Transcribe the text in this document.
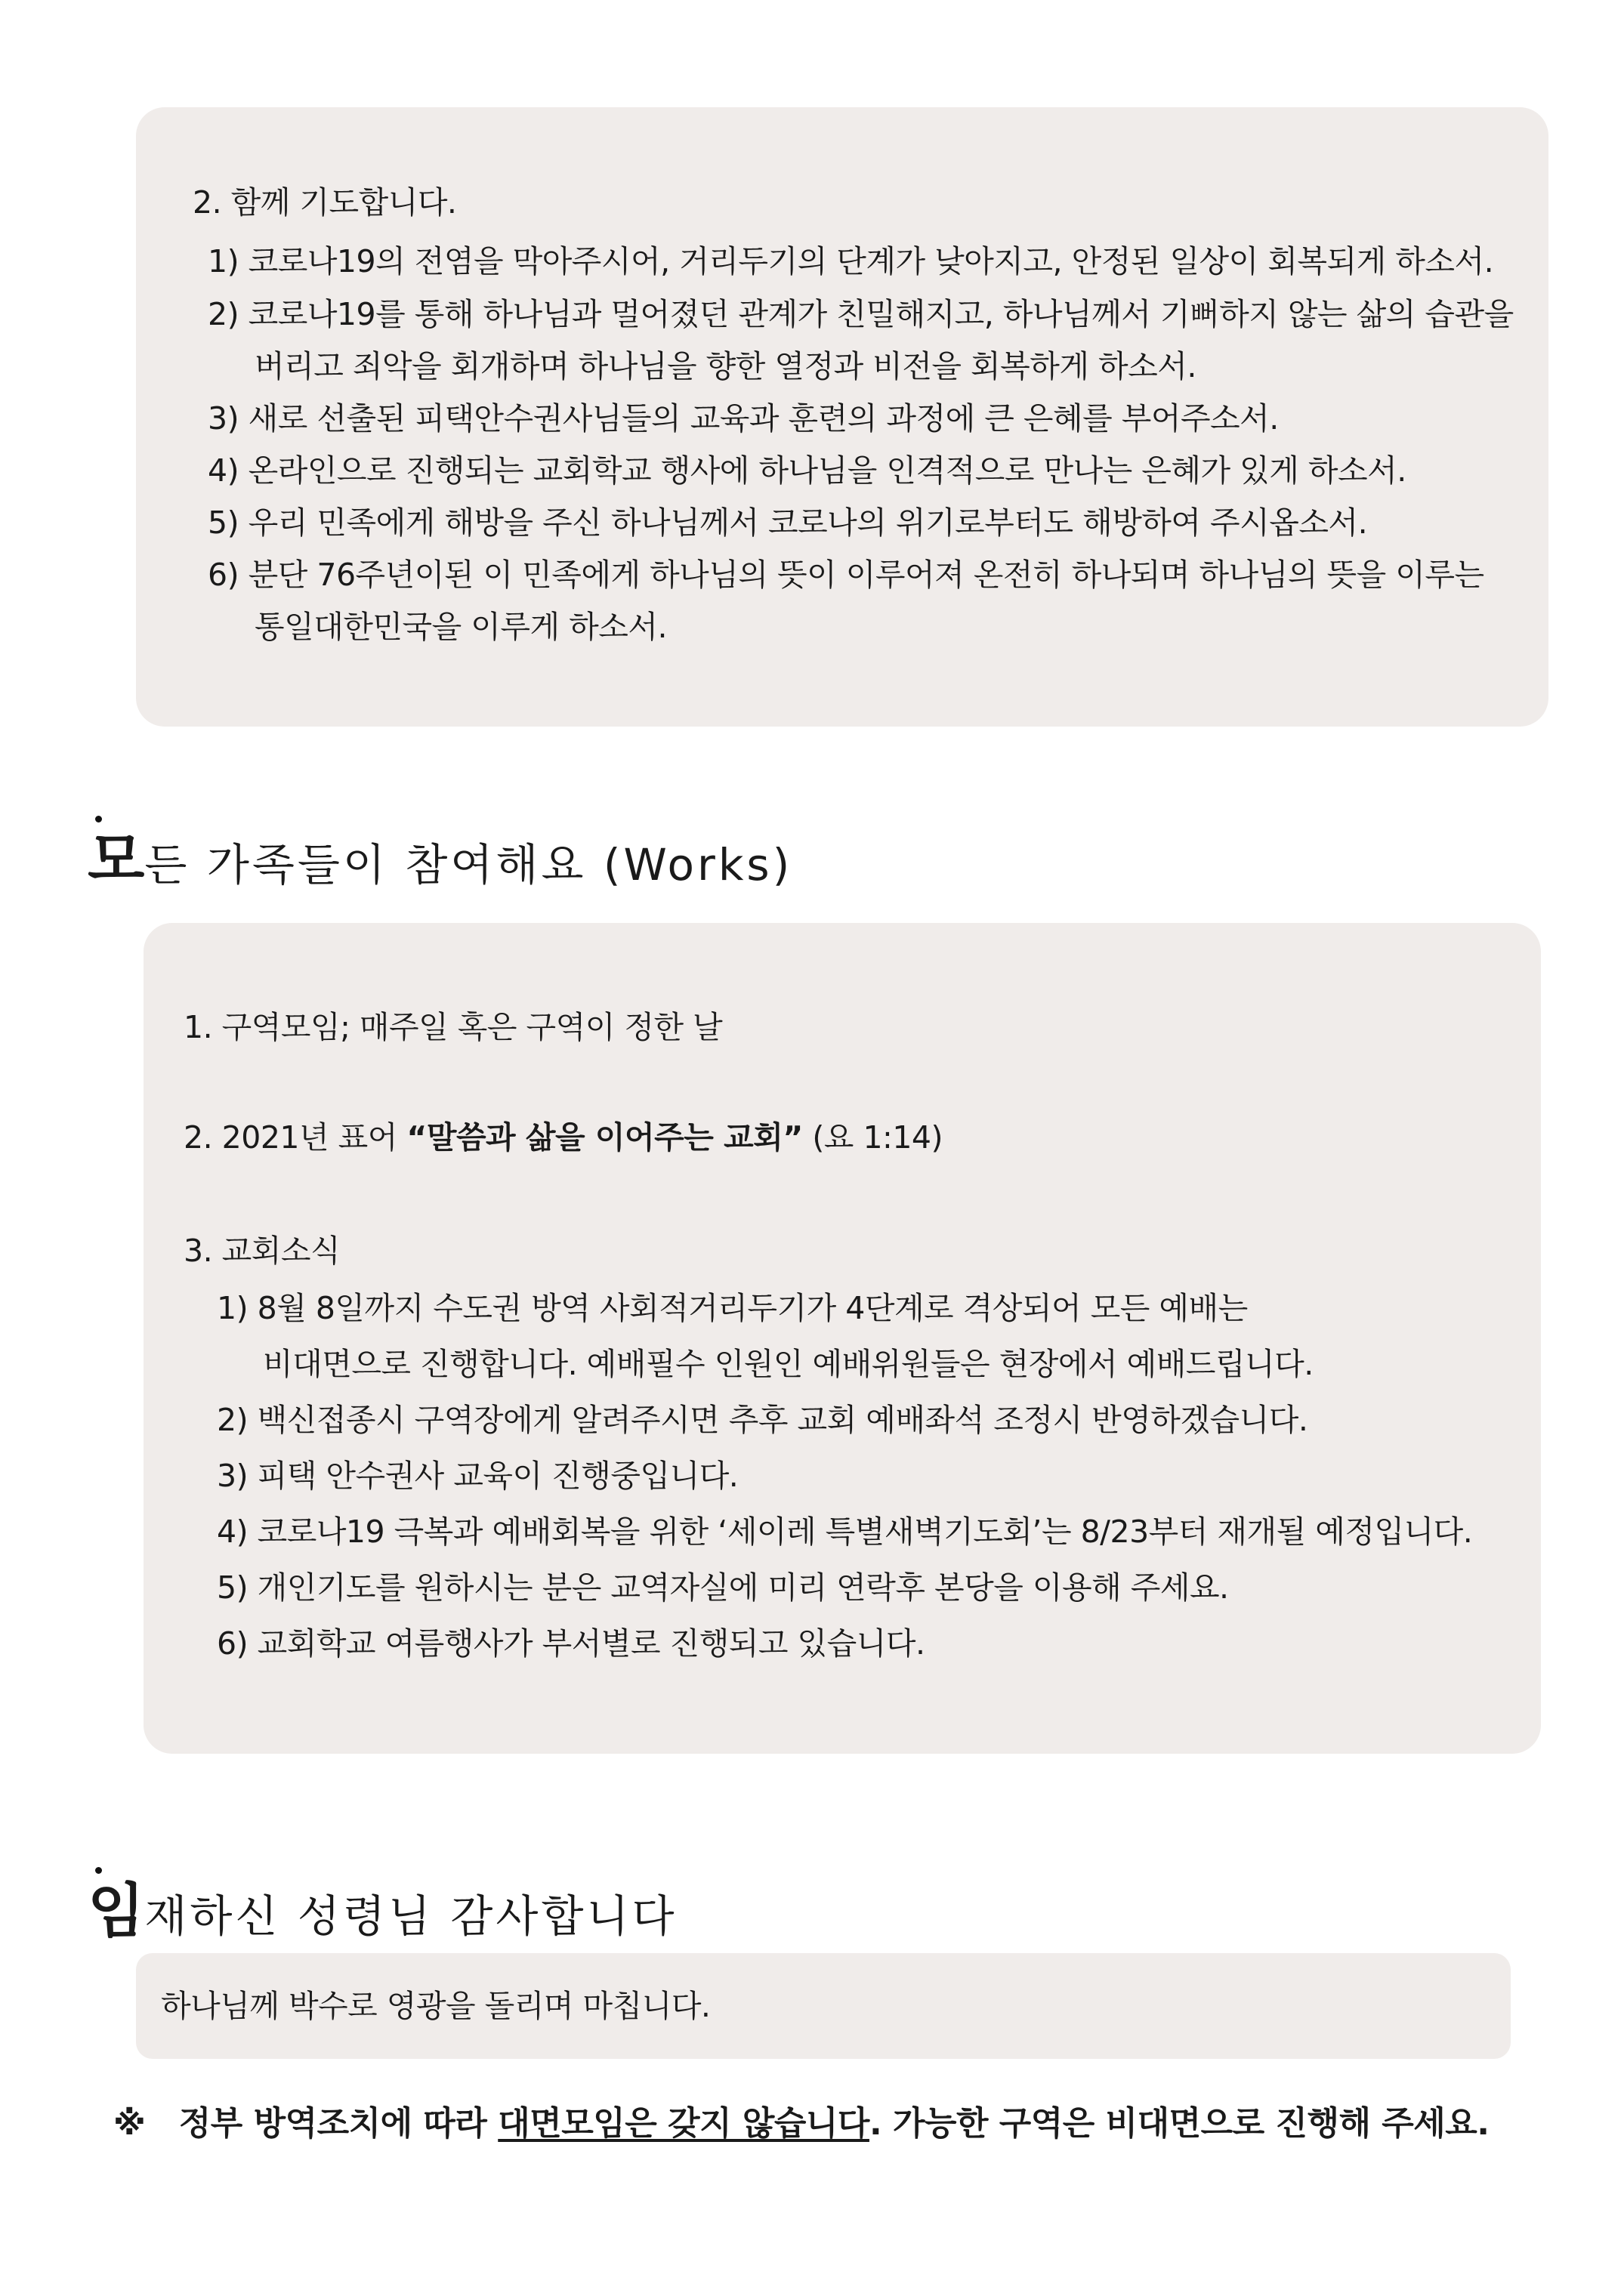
2. 함께 기도합니다.
1) 코로나19의 전염을 막아주시어, 거리두기의 단계가 낮아지고, 안정된 일상이 회복되게 하소서.
2) 코로나19를 통해 하나님과 멀어졌던 관계가 친밀해지고, 하나님께서 기뻐하지 않는 삶의 습관을
버리고 죄악을 회개하며 하나님을 향한 열정과 비전을 회복하게 하소서.
3) 새로 선출된 피택안수권사님들의 교육과 훈련의 과정에 큰 은혜를 부어주소서.
4) 온라인으로 진행되는 교회학교 행사에 하나님을 인격적으로 만나는 은혜가 있게 하소서.
5) 우리 민족에게 해방을 주신 하나님께서 코로나의 위기로부터도 해방하여 주시옵소서.
6) 분단 76주년이된 이 민족에게 하나님의 뜻이 이루어져 온전히 하나되며 하나님의 뜻을 이루는
통일대한민국을 이루게 하소서.
모든 가족들이 참여해요 (Works)
1. 구역모임; 매주일 혹은 구역이 정한 날
2. 2021년 표어 “말씀과 삶을 이어주는 교회” (요 1:14)
3. 교회소식
1) 8월 8일까지 수도권 방역 사회적거리두기가 4단계로 격상되어 모든 예배는
비대면으로 진행합니다. 예배필수 인원인 예배위원들은 현장에서 예배드립니다.
2) 백신접종시 구역장에게 알려주시면 추후 교회 예배좌석 조정시 반영하겠습니다.
3) 피택 안수권사 교육이 진행중입니다.
4) 코로나19 극복과 예배회복을 위한 ‘세이레 특별새벽기도회’는 8/23부터 재개될 예정입니다.
5) 개인기도를 원하시는 분은 교역자실에 미리 연락후 본당을 이용해 주세요.
6) 교회학교 여름행사가 부서별로 진행되고 있습니다.
임재하신 성령님 감사합니다
하나님께 박수로 영광을 돌리며 마칩니다.
※ 정부 방역조치에 따라 대면모임은 갖지 않습니다. 가능한 구역은 비대면으로 진행해 주세요.
